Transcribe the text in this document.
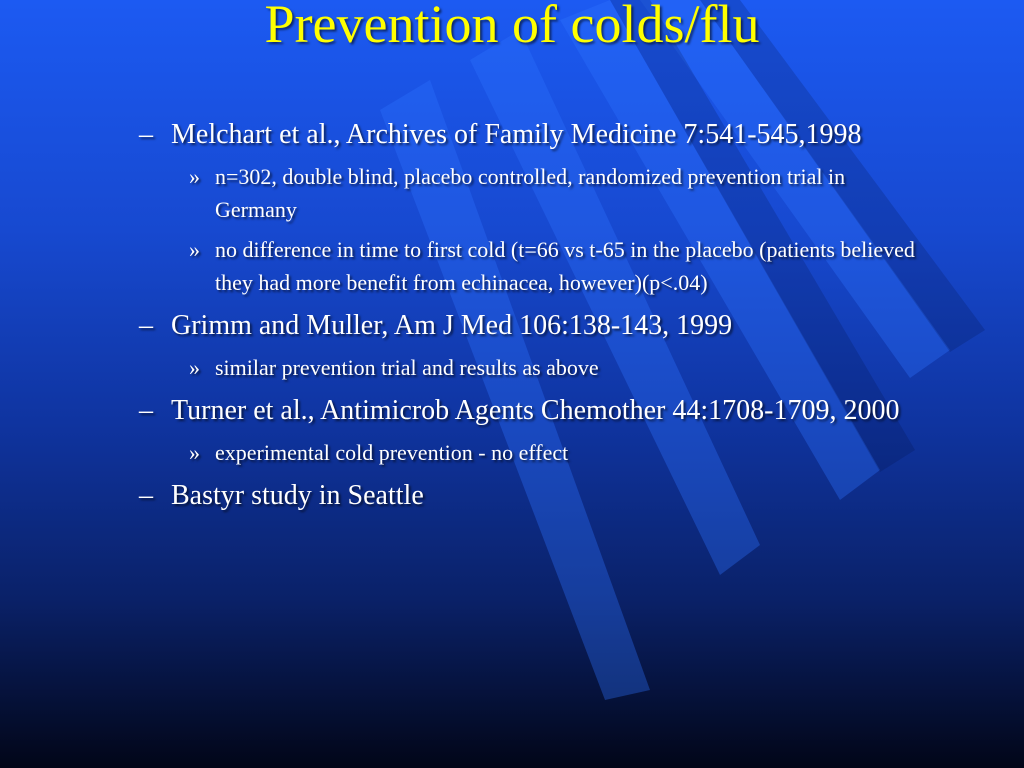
Prevention of colds/flu
– Melchart et al., Archives of Family Medicine 7:541-545,1998
» n=302, double blind, placebo controlled, randomized prevention trial in Germany
» no difference in time to first cold (t=66 vs t-65 in the placebo (patients believed they had more benefit from echinacea, however)(p<.04)
– Grimm and Muller, Am J Med 106:138-143, 1999
» similar prevention trial and results as above
– Turner et al., Antimicrob Agents Chemother 44:1708-1709, 2000
» experimental cold prevention - no effect
– Bastyr study in Seattle
